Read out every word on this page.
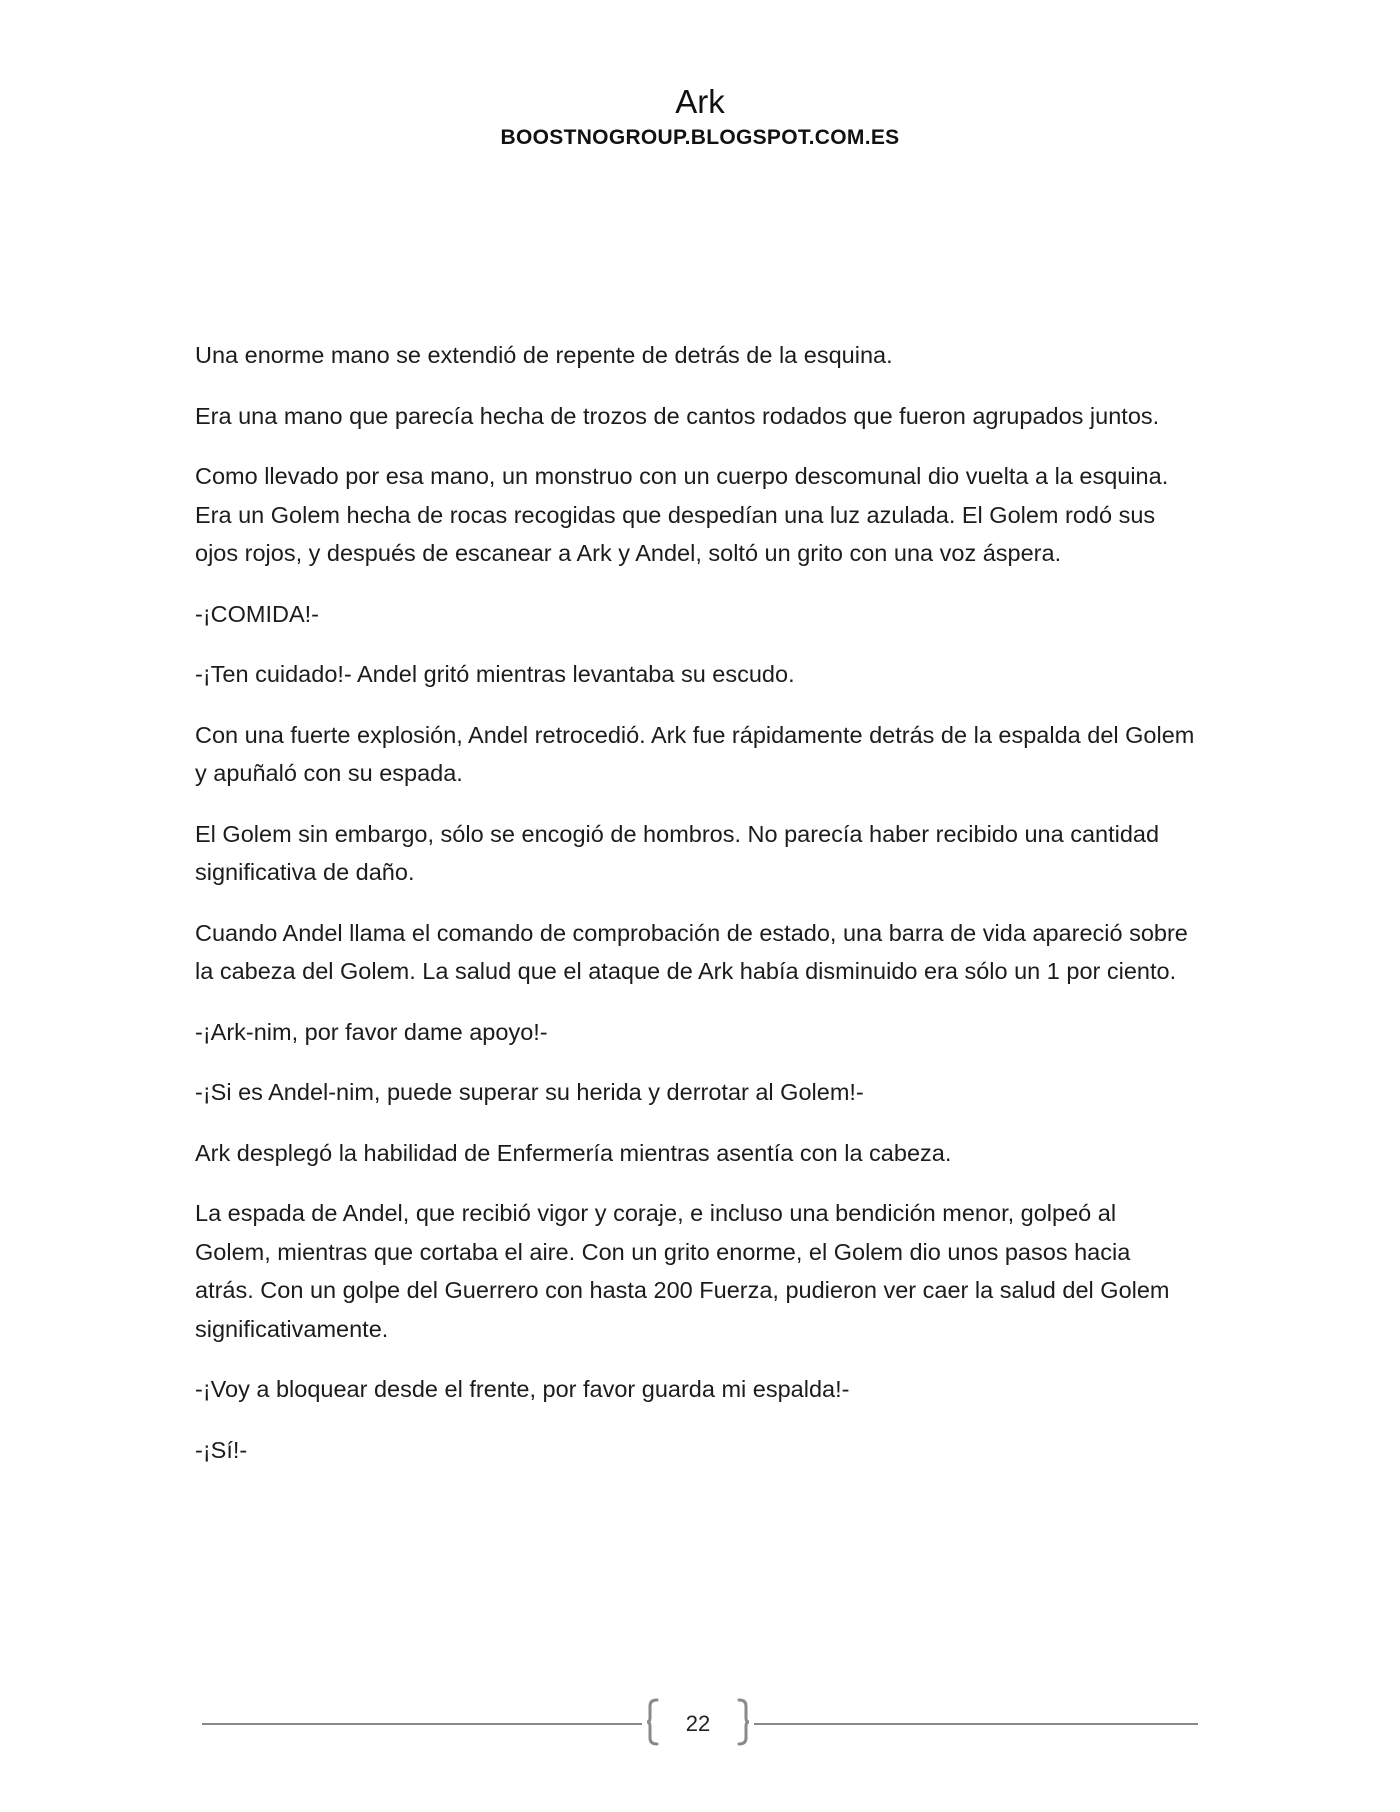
Ark
BOOSTNOGROUP.BLOGSPOT.COM.ES

Una enorme mano se extendió de repente de detrás de la esquina.

Era una mano que parecía hecha de trozos de cantos rodados que fueron agrupados juntos.

Como llevado por esa mano, un monstruo con un cuerpo descomunal dio vuelta a la esquina. Era un Golem hecha de rocas recogidas que despedían una luz azulada. El Golem rodó sus ojos rojos, y después de escanear a Ark y Andel, soltó un grito con una voz áspera.

-¡COMIDA!-

-¡Ten cuidado!- Andel gritó mientras levantaba su escudo.

Con una fuerte explosión, Andel retrocedió. Ark fue rápidamente detrás de la espalda del Golem y apuñaló con su espada.

El Golem sin embargo, sólo se encogió de hombros. No parecía haber recibido una cantidad significativa de daño.

Cuando Andel llama el comando de comprobación de estado, una barra de vida apareció sobre la cabeza del Golem. La salud que el ataque de Ark había disminuido era sólo un 1 por ciento.

-¡Ark-nim, por favor dame apoyo!-

-¡Si es Andel-nim, puede superar su herida y derrotar al Golem!-

Ark desplegó la habilidad de Enfermería mientras asentía con la cabeza.

La espada de Andel, que recibió vigor y coraje, e incluso una bendición menor, golpeó al Golem, mientras que cortaba el aire. Con un grito enorme, el Golem dio unos pasos hacia atrás. Con un golpe del Guerrero con hasta 200 Fuerza, pudieron ver caer la salud del Golem significativamente.

-¡Voy a bloquear desde el frente, por favor guarda mi espalda!-

-¡Sí!-

22
